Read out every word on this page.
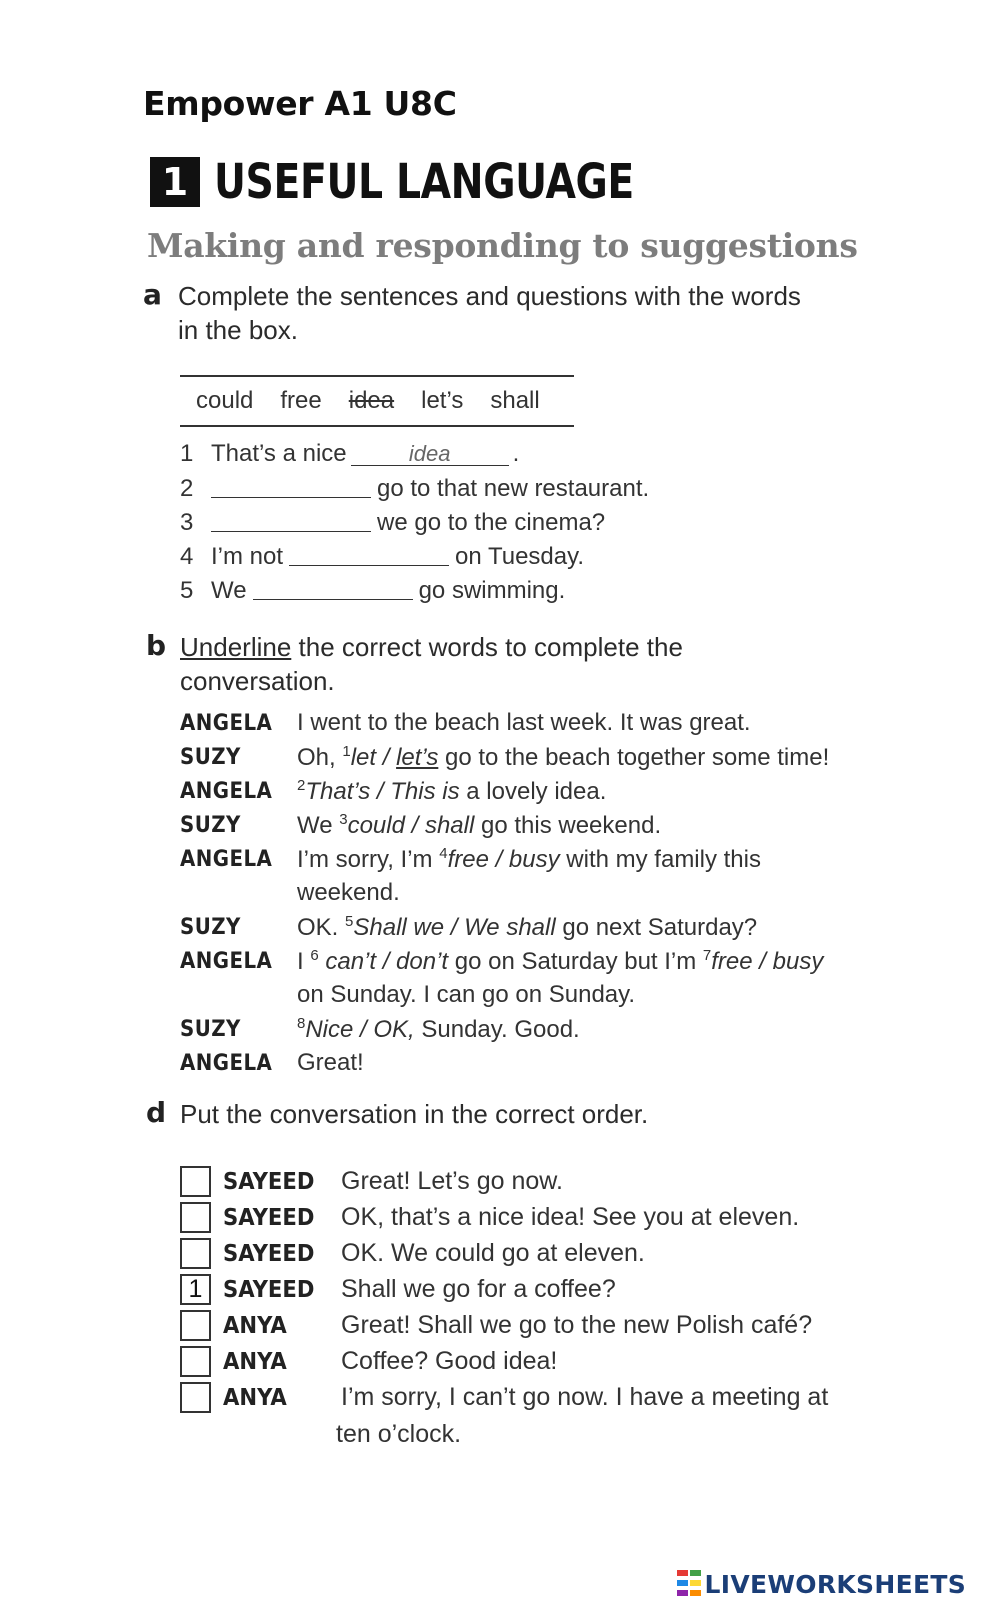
Empower A1 U8C
1 USEFUL LANGUAGE
Making and responding to suggestions
a Complete the sentences and questions with the words
in the box.
could free idea let’s shall
1 That’s a nice	idea	.
2	go to that new restaurant.
3	we go to the cinema?
4 I’m not	on Tuesday.
5 We	go swimming.
b Underline the correct words to complete the
conversation.
ANGELA I went to the beach last week. It was great.
SUZY Oh, $^1$let / let’s go to the beach together some time!
ANGELA $^2$That’s / This is a lovely idea.
SUZY We $^3$could / shall go this weekend.
ANGELA I’m sorry, I’m $^4$free / busy with my family this
weekend.
SUZY OK. $^5$Shall we / We shall go next Saturday?
ANGELA I $^6$ can’t / don’t go on Saturday but I’m $^7$free / busy
on Sunday. I can go on Sunday.
SUZY	$^8$Nice / OK, Sunday. Good.
ANGELA Great!
d Put the conversation in the correct order.
SAYEED	Great! Let’s go now.
SAYEED	OK, that’s a nice idea! See you at eleven.
SAYEED	OK. We could go at eleven.
1 SAYEED	Shall we go for a coffee?
ANYA	Great! Shall we go to the new Polish café?
ANYA	Coffee? Good idea!
ANYA	I’m sorry, I can’t go now. I have a meeting at
ten o’clock.
LIVEWORKSHEETS
